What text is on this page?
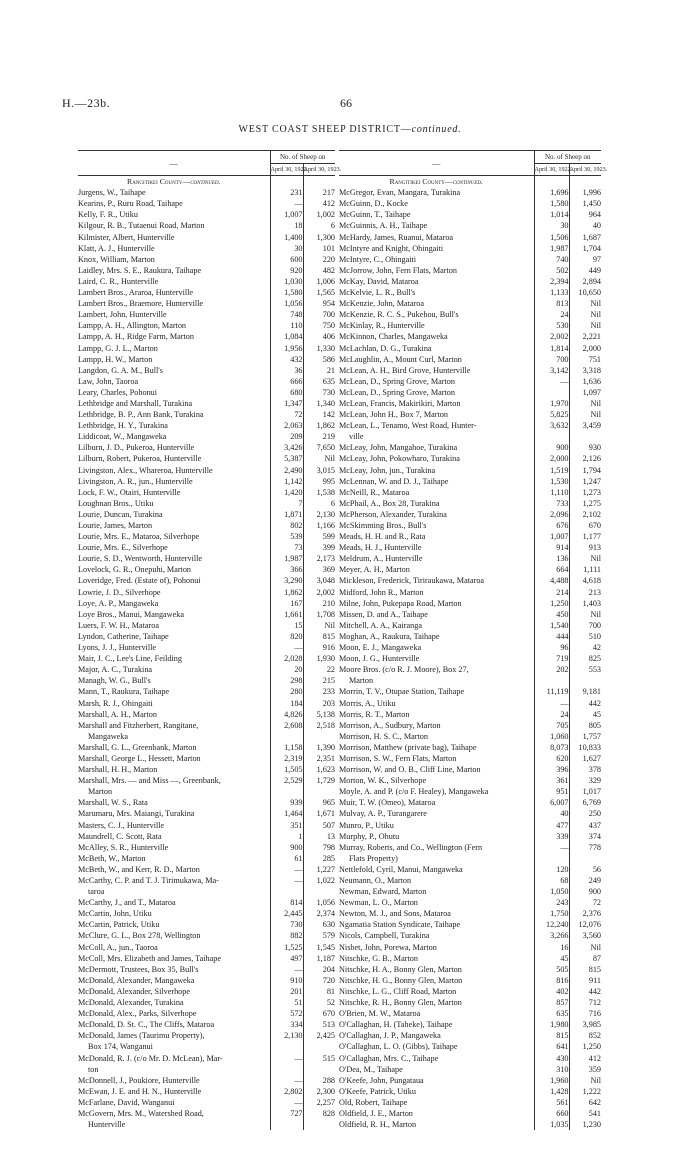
H.—23b.	66
WEST COAST SHEEP DISTRICT—continued.
—	No. of Sheep on	
	April 30, 1922.	April 30, 1923.
Rangitikei County—continued.		
Jurgens, W., Taihape	231	217
Kearins, P., Ruru Road, Taihape	—	412
Kelly, F. R., Utiku	1,007	1,002
Kilgour, R. B., Tutaenui Road, Marton	18	6
Kilmister, Albert, Hunterville	1,400	1,300
Klatt, A. J., Hunterville	30	101
Knox, William, Marton	600	220
Laidley, Mrs. S. E., Raukura, Taihape	920	482
Laird, C. R., Hunterville	1,030	1,006
Lambert Bros., Araroa, Hunterville	1,580	1,565
Lambert Bros., Braemore, Hunterville	1,056	954
Lambert, John, Hunterville	748	700
Lampp, A. H., Allington, Marton	110	750
Lampp, A. H., Ridge Farm, Marton	1,084	406
Lampp, G. J. L., Marton	1,956	1,330
Lampp, H. W., Marton	432	586
Langdon, G. A. M., Bull's	36	21
Law, John, Taoroa	666	635
Leary, Charles, Pohonui	680	730
Lethbridge and Marshall, Turakina	1,347	1,340
Lethbridge, B. P., Ann Bank, Turakina	72	142
Lethbridge, H. Y., Turakina	2,063	1,862
Liddicoat, W., Mangaweka	209	219
Lilburn, J. D., Pukeroa, Hunterville	3,426	7,650
Lilburn, Robert, Pukeroa, Hunterville	5,387	Nil
Livingston, Alex., Whareroa, Hunterville	2,490	3,015
Livingston, A. R., jun., Hunterville	1,142	995
Lock, F. W., Otairi, Hunterville	1,420	1,538
Loughnan Bros., Utiku	7	6
Lourie, Duncan, Turakina	1,871	2,130
Lourie, James, Marton	802	1,166
Lourie, Mrs. E., Mataroa, Silverhope	539	599
Lourie, Mrs. E., Silverhope	73	399
Lourie, S. D., Wentworth, Hunterville	1,987	2,173
Lovelock, G. R., Onepuhi, Marton	366	369
Loveridge, Fred. (Estate of), Pohonui	3,290	3,048
Lowrie, J. D., Silverhope	1,862	2,002
Loye, A. P., Mangaweka	167	210
Loye Bros., Manui, Mangaweka	1,661	1,708
Luers, F. W. H., Mataroa	15	Nil
Lyndon, Catherine, Taihape	820	815
Lyons, J. J., Hunterville	—	916
Mair, J. C., Lee's Line, Feilding	2,028	1,930
Major, A. C., Turakina	20	22
Managh, W. G., Bull's	298	215
Mann, T., Raukura, Taihape	280	233
Marsh, R. J., Ohingaiti	184	203
Marshall, A. H., Marton	4,826	5,138
Marshall and Fitzherbert, Rangitane,	2,608	2,518
Mangaweka		
Marshall, G. L., Greenbank, Marton	1,158	1,390
Marshall, George L., Hessett, Marton	2,319	2,351
Marshall, H. H., Marton	1,505	1,623
Marshall, Mrs. — and Miss —, Greenbank,	2,529	1,729
Marton		
Marshall, W. S., Rata	939	965
Marumaru, Mrs. Maiangi, Turakina	1,464	1,671
Masters, C. J., Hunterville	351	507
Maundrell, C. Scott, Rata	1	13
McAlley, S. R., Hunterville	900	798
McBeth, W., Marton	61	285
McBeth, W., and Kerr, R. D., Marton	—	1,227
McCarthy, C. P. and T. J. Tirimukawa, Ma-	—	1,022
taroa		
McCarthy, J., and T., Mataroa	814	1,056
McCartin, John, Utiku	2,445	2,374
McCartin, Patrick, Utiku	730	630
McClure, G. L., Box 278, Wellington	882	579
McColl, A., jun., Taoroa	1,525	1,545
McColl, Mrs. Elizabeth and James, Taihape	497	1,187
McDermott, Trustees, Box 35, Bull's	—	204
McDonald, Alexander, Mangaweka	910	720
McDonald, Alexander, Silverhope	201	81
McDonald, Alexander, Turakina	51	52
McDonald, Alex., Parks, Silverhope	572	670
McDonald, D. St. C., The Cliffs, Mataroa	334	513
McDonald, James (Taurimu Property),	2,130	2,425
Box 174, Wanganui		
McDonald, R. J. (c/o Mr. D. McLean), Mar-	—	515
ton		
McDonnell, J., Poukiore, Hunterville	—	288
McEwan, J. E. and H. N., Hunterville	2,802	2,300
McFarlane, David, Wanganui	—	2,257
McGovern, Mrs. M., Watershed Road,	727	828
Hunterville		
—	No. of Sheep on	
	April 30, 1922.	April 30, 1923.
Rangitikei County—continued.		
McGregor, Evan, Mangara, Turakina	1,696	1,996
McGuinn, D., Kocke	1,580	1,450
McGuinn, T., Taihape	1,014	964
McGuinnis, A. H., Taihape	30	40
McHardy, James, Ruanui, Mataroa	1,506	1,687
McIntyre and Knight, Ohingaiti	1,987	1,704
McIntyre, C., Ohingaiti	740	97
McJorrow, John, Fern Flats, Marton	502	449
McKay, David, Mataroa	2,394	2,894
McKelvie, L. R., Bull's	1,133	10,650
McKenzie, John, Mataroa	813	Nil
McKenzie, R. C. S., Pukehou, Bull's	24	Nil
McKinlay, R., Hunterville	530	Nil
McKinnon, Charles, Mangaweka	2,002	2,221
McLachlan, D. G., Turakina	1,814	2,000
McLaughlin, A., Mount Curl, Marton	700	751
McLean, A. H., Bird Grove, Hunterville	3,142	3,318
McLean, D., Spring Grove, Marton	—	1,636
McLean, D., Spring Grove, Marton		1,097
McLean, Francis, Makirikiri, Marton	1,970	Nil
McLean, John H., Box 7, Marton	5,825	Nil
McLean, L., Tenamo, West Road, Hunter-	3,632	3,459
ville		
McLeay, John, Mangahoe, Turakina	900	930
McLeay, John, Pokowharo, Turakina	2,000	2,126
McLeay, John, jun., Turakina	1,519	1,794
McLennan, W. and D. J., Taihape	1,530	1,247
McNeill, R., Mataroa	1,110	1,273
McPhail, A., Box 28, Turakina	733	1,275
McPherson, Alexander, Turakina	2,096	2,102
McSkimming Bros., Bull's	676	670
Meads, H. H. and R., Rata	1,007	1,177
Meads, H. J., Hunterville	914	913
Meldrum, A., Hunterville	136	Nil
Meyer, A. H., Marton	664	1,111
Mickleson, Frederick, Tiriraukawa, Mataroa	4,488	4,618
Midford, John R., Marton	214	213
Milne, John, Pukepapa Road, Marton	1,250	1,403
Missen, D. and A., Taihape	450	Nil
Mitchell, A. A., Kairanga	1,540	700
Moghan, A., Raukura, Taihape	444	510
Moon, E. J., Mangaweka	96	42
Moon, J. G., Hunterville	719	825
Moore Bros. (c/o R. J. Moore), Box 27,	202	553
Marton		
Morrin, T. V., Otupae Station, Taihape	11,119	9,181
Morris, A., Utiku	—	442
Morris, R. T., Marton	24	45
Morrison, A., Sudbury, Marton	705	805
Morrison, H. S. C., Marton	1,060	1,757
Morrison, Matthew (private bag), Taihape	8,073	10,833
Morrison, S. W., Fern Flats, Marton	620	1,627
Morrison, W. and O. B., Cliff Line, Marton	396	378
Morton, W. K., Silverhope	361	329
Moyle, A. and P. (c/o F. Healey), Mangaweka	951	1,017
Muir, T. W. (Omeo), Mataroa	6,007	6,769
Mulvay, A. P., Turangarere	40	250
Munro, P., Utiku	477	437
Murphy, P., Ohutu	339	374
Murray, Roberts, and Co., Wellington (Fern	—	778
Flats Property)		
Nettlefold, Cyril, Manui, Mangaweka	120	56
Neumann, O., Marton	68	249
Newman, Edward, Marton	1,050	900
Newman, L. O., Marton	243	72
Newton, M. J., and Sons, Mataroa	1,750	2,376
Ngamatia Station Syndicate, Taihape	12,240	12,076
Nicols, Campbell, Turakina	3,266	3,560
Nisbet, John, Porewa, Marton	16	Nil
Nitschke, G. B., Marton	45	87
Nitschke, H. A., Bonny Glen, Marton	505	815
Nitschke, H. G., Bonny Glen, Marton	816	911
Nitschke, L. G., Cliff Road, Marton	402	442
Nitschke, R. H., Bonny Glen, Marton	857	712
O'Brien, M. W., Mataroa	635	716
O'Callaghan, H. (Taheke), Taihape	1,980	3,985
O'Callaghan, J. P., Mangaweka	815	852
O'Callaghan, L. O. (Gibbs), Taihape	641	1,250
O'Callaghan, Mrs. C., Taihape	430	412
O'Dea, M., Taihape	310	359
O'Keefe, John, Pungataua	1,960	Nil
O'Keefe, Patrick, Utiku	1,428	1,222
Old, Robert, Taihape	561	642
Oldfield, J. E., Marton	660	541
Oldfield, R. H., Marton	1,035	1,230
